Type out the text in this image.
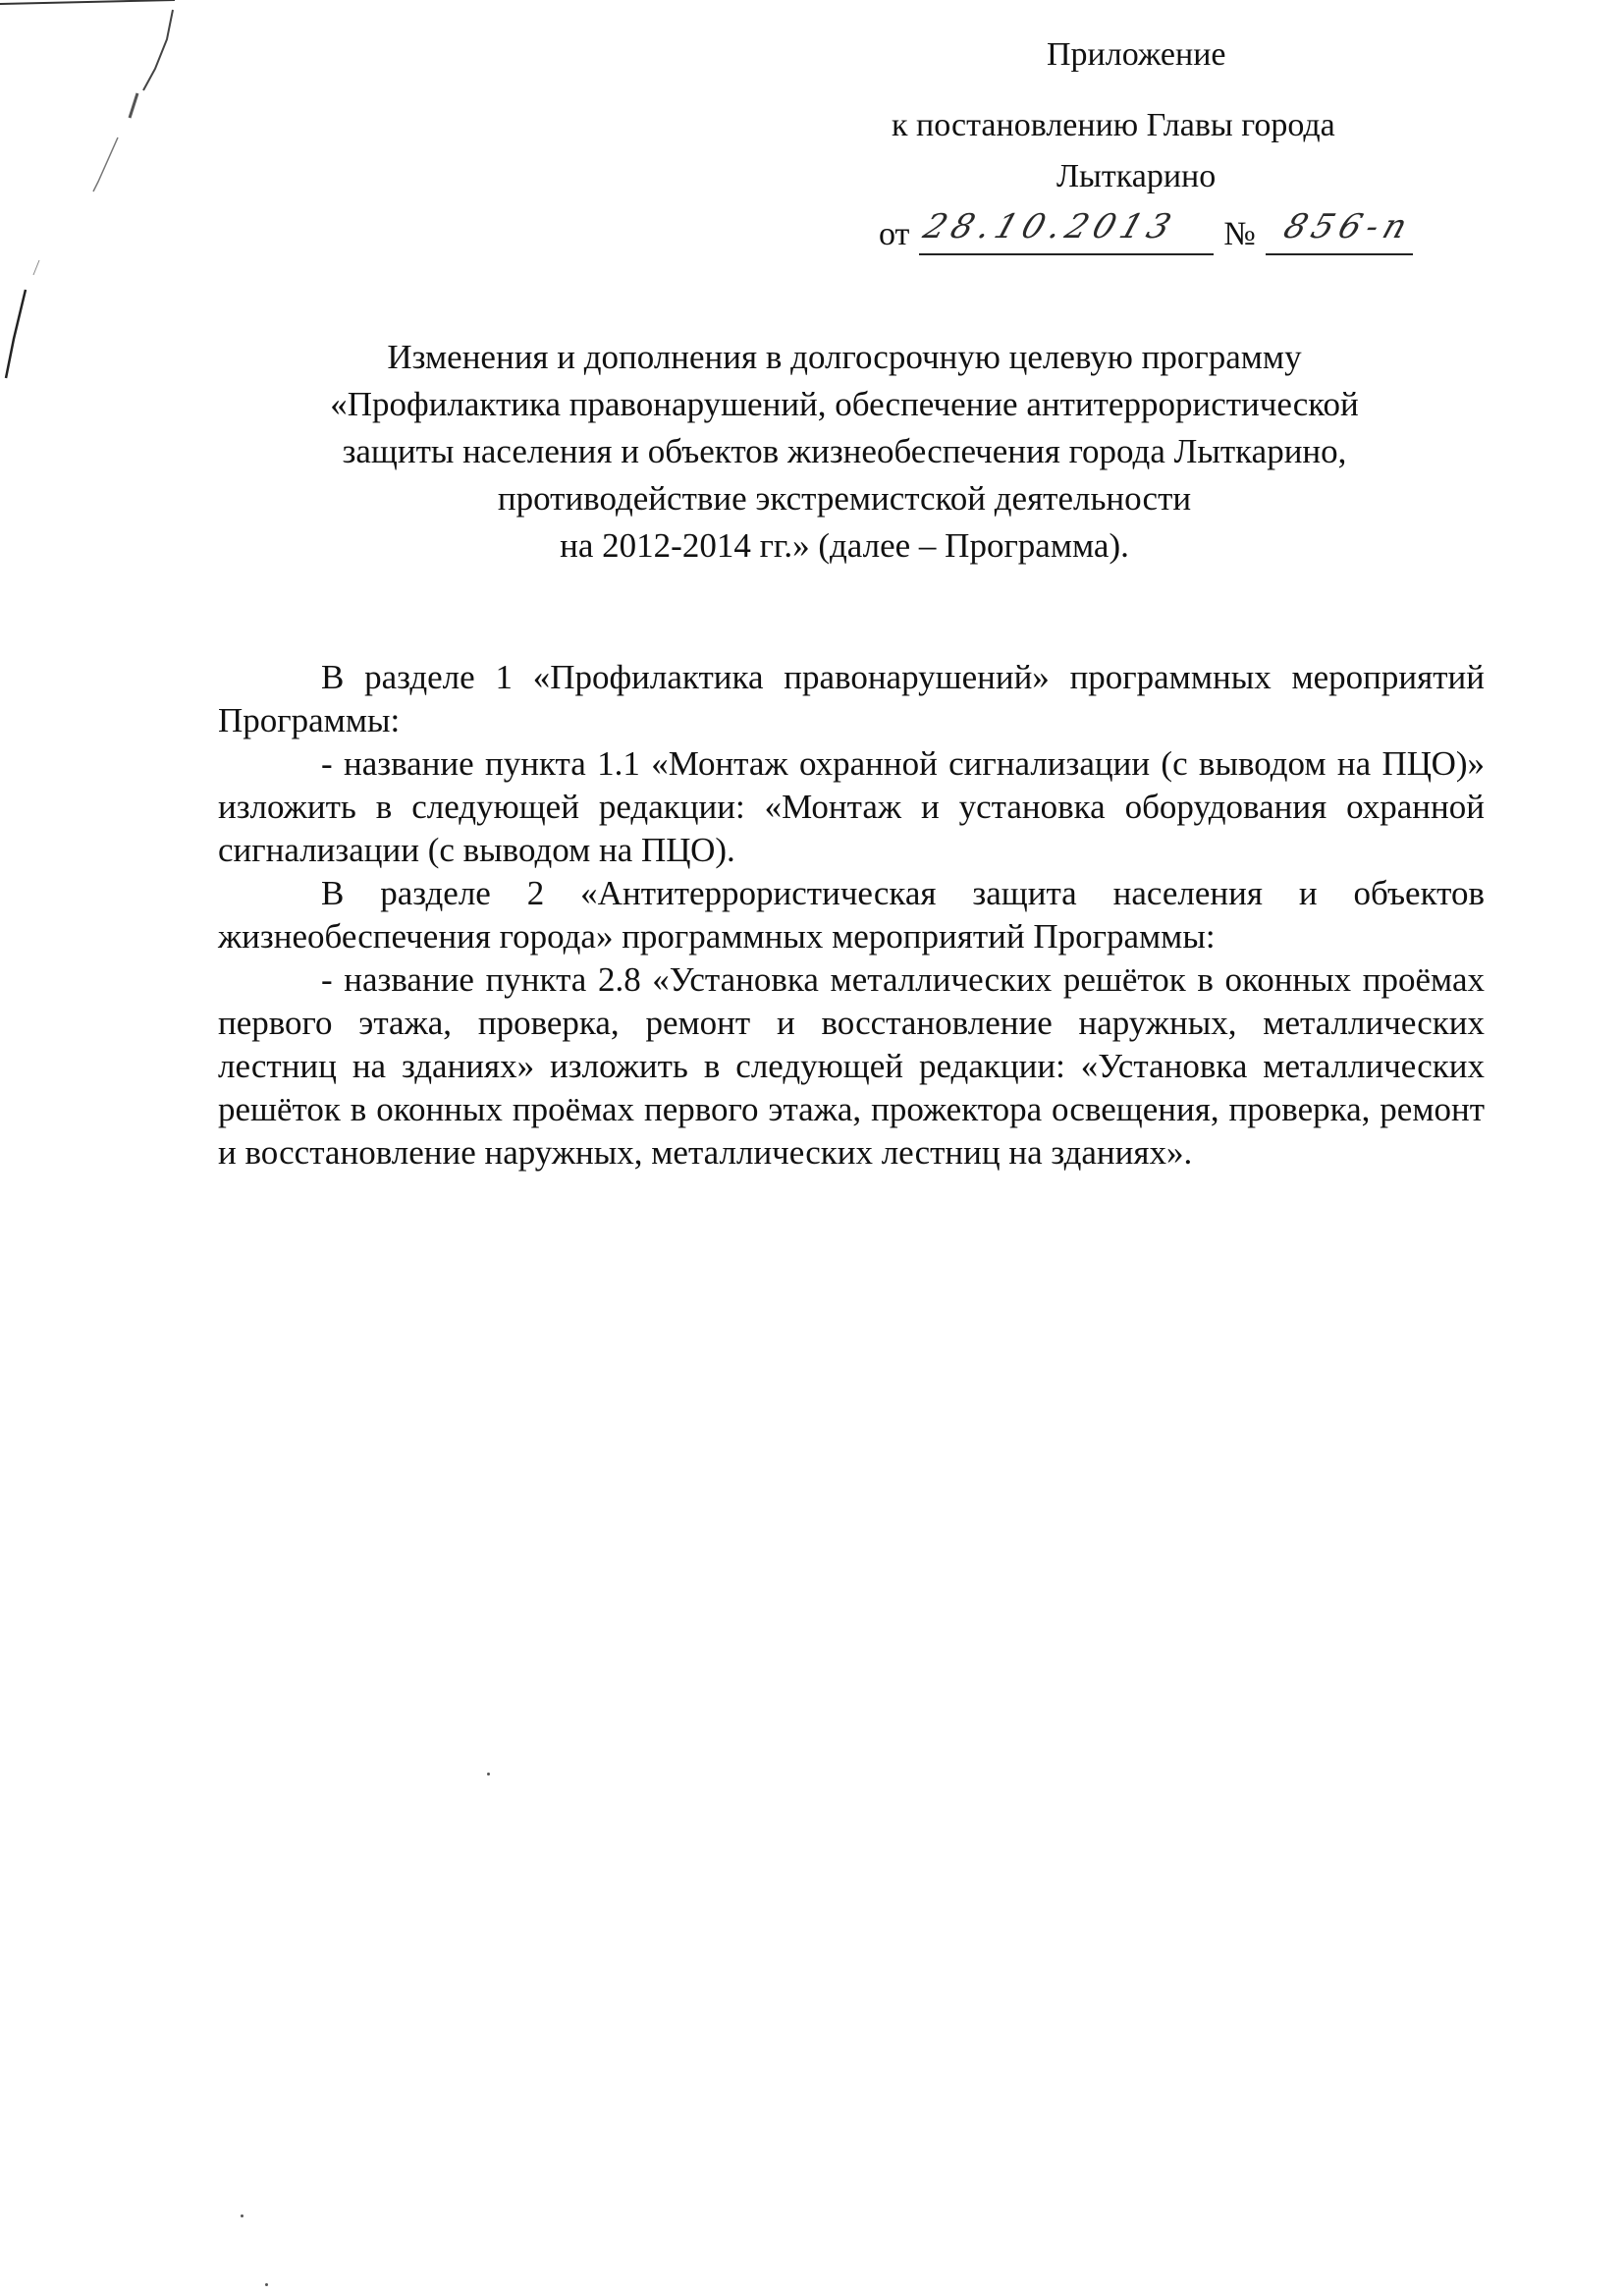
Приложение
к постановлению Главы города
Лыткарино
от 28.10.2013 № 856-п
Изменения и дополнения в долгосрочную целевую программу
«Профилактика правонарушений, обеспечение антитеррористической
защиты населения и объектов жизнеобеспечения города Лыткарино,
противодействие экстремистской деятельности
на 2012-2014 гг.» (далее – Программа).

В разделе 1 «Профилактика правонарушений» программных мероприятий Программы:

- название пункта 1.1 «Монтаж охранной сигнализации (с выводом на ПЦО)» изложить в следующей редакции: «Монтаж и установка оборудования охранной сигнализации (с выводом на ПЦО).

В разделе 2 «Антитеррористическая защита населения и объектов жизнеобеспечения города» программных мероприятий Программы:

- название пункта 2.8 «Установка металлических решёток в оконных проёмах первого этажа, проверка, ремонт и восстановление наружных, металлических лестниц на зданиях» изложить в следующей редакции: «Установка металлических решёток в оконных проёмах первого этажа, прожектора освещения, проверка, ремонт и восстановление наружных, металлических лестниц на зданиях».
